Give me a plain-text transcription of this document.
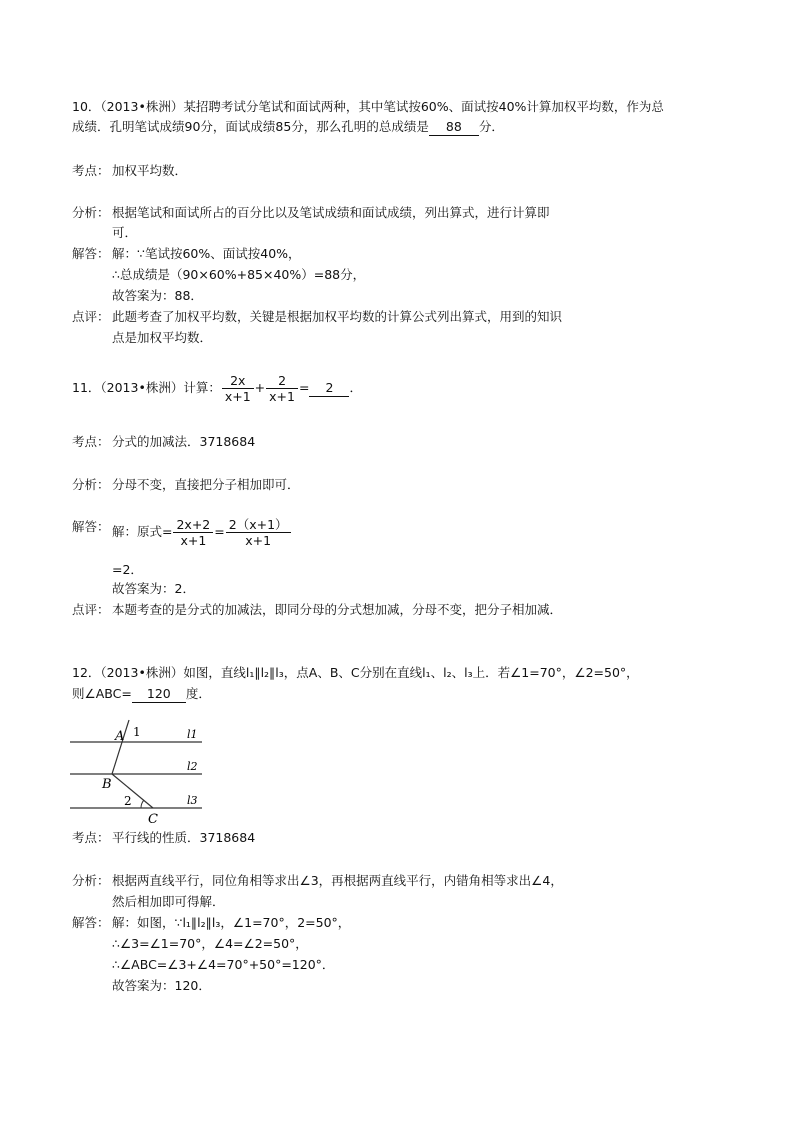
10．（2013•株洲）某招聘考试分笔试和面试两种，其中笔试按60%、面试按40%计算加权平均数，作为总
成绩．孔明笔试成绩90分，面试成绩85分，那么孔明的总成绩是 88 分．
考点： 加权平均数．
分析： 根据笔试和面试所占的百分比以及笔试成绩和面试成绩，列出算式，进行计算即
可．
解答： 解：∵笔试按60%、面试按40%，
∴总成绩是（90×60%+85×40%）=88分，
故答案为：88．
点评： 此题考查了加权平均数，关键是根据加权平均数的计算公式列出算式，用到的知识
点是加权平均数．
11．（2013•株洲）计算： $\frac{2x}{x+1} + \frac{2}{x+1} = 2$ ．
考点： 分式的加减法．3718684
分析： 分母不变，直接把分子相加即可．
解答： 解：原式= $\frac{2x+2}{x+1} = \frac{2(x+1)}{x+1}$
=2．
故答案为：2．
点评： 本题考查的是分式的加减法，即同分母的分式想加减，分母不变，把分子相加减．
12．（2013•株洲）如图，直线l₁∥l₂∥l₃，点A、B、C分别在直线l₁、l₂、l₃上．若∠1=70°，∠2=50°，
则∠ABC= 120 度．
A 1
B
2
C
l1
l2
l3
考点： 平行线的性质．3718684
分析： 根据两直线平行，同位角相等求出∠3，再根据两直线平行，内错角相等求出∠4，
然后相加即可得解．
解答： 解：如图，∵l₁∥l₂∥l₃，∠1=70°，2=50°，
∴∠3=∠1=70°，∠4=∠2=50°，
∴∠ABC=∠3+∠4=70°+50°=120°．
故答案为：120．
